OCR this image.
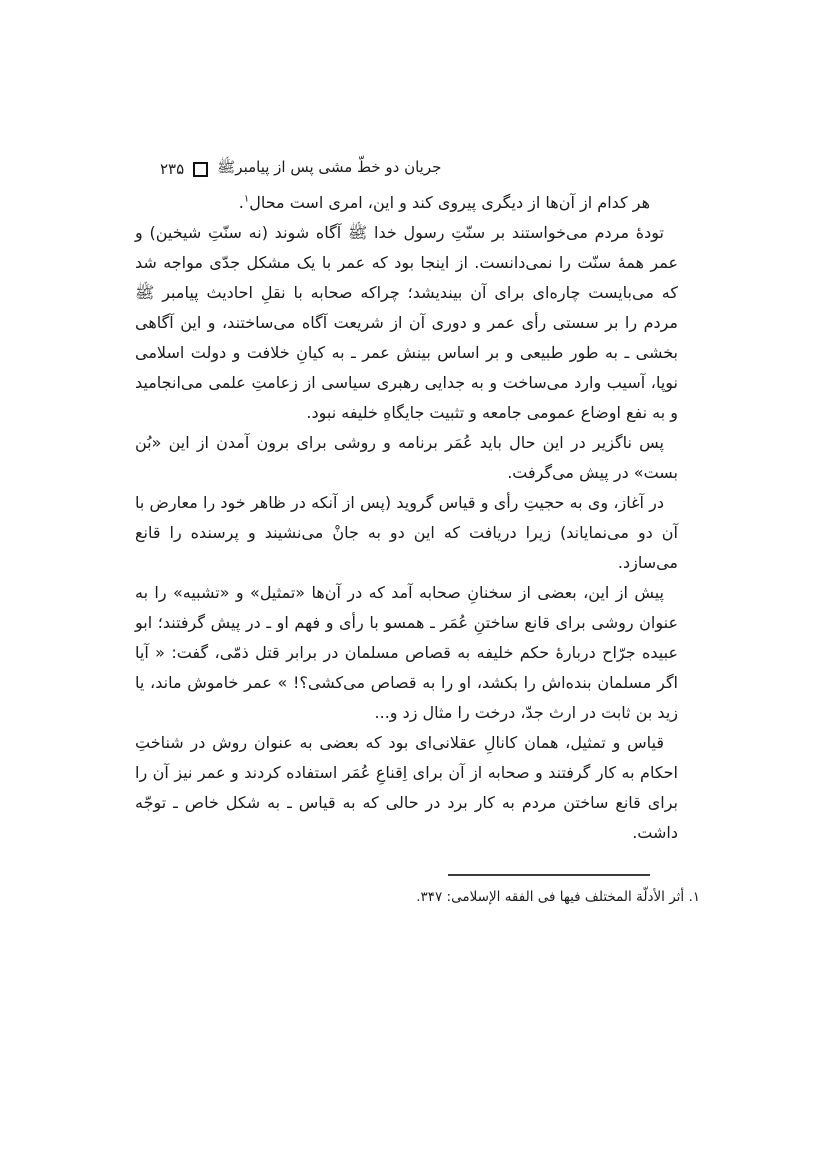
جریان دو خطّ مشی پس از پیامبرﷺ
۲۳۵

هر کدام از آن‌ها از دیگری پیروی کند و این، امری است محال$^۱$.

تودهٔ مردم می‌خواستند بر سنّتِ رسول خدا ﷺ آگاه شوند (نه سنّتِ شیخین) و عمر همهٔ سنّت را نمی‌دانست. از اینجا بود که عمر با یک مشکل جدّی مواجه شد که می‌بایست چاره‌ای برای آن بیندیشد؛ چراکه صحابه با نقلِ احادیث پیامبر ﷺ مردم را بر سستی رأی عمر و دوری آن از شریعت آگاه می‌ساختند، و این آگاهی بخشی ـ به طور طبیعی و بر اساس بینش عمر ـ به کیانِ خلافت و دولت اسلامی نوپا، آسیب وارد می‌ساخت و به جدایی رهبری سیاسی از زعامتِ علمی می‌انجامید و به نفع اوضاع عمومی جامعه و تثبیت جایگاهِ خلیفه نبود.

پس ناگزیر در این حال باید عُمَر برنامه و روشی برای برون آمدن از این «بُن بست» در پیش می‌گرفت.

در آغاز، وی به حجیتِ رأی و قیاس گروید (پس از آنکه در ظاهر خود را معارض با آن دو می‌نمایاند) زیرا دریافت که این دو به جانْ می‌نشیند و پرسنده را قانع می‌سازد.

پیش از این، بعضی از سخنانِ صحابه آمد که در آن‌ها «تمثیل» و «تشبیه» را به عنوان روشی برای قانع ساختنِ عُمَر ـ همسو با رأی و فهم او ـ در پیش گرفتند؛ ابو عبیده جرّاح دربارهٔ حکم خلیفه به قصاص مسلمان در برابر قتل ذمّی، گفت: « آیا اگر مسلمان بنده‌اش را بکشد، او را به قصاص می‌کشی؟! » عمر خاموش ماند، یا زید بن ثابت در ارث جدّ، درخت را مثال زد و...

قیاس و تمثیل، همان کانالِ عقلانی‌ای بود که بعضی به عنوان روش در شناختِ احکام به کار گرفتند و صحابه از آن برای اِقناعِ عُمَر استفاده کردند و عمر نیز آن را برای قانع ساختن مردم به کار برد در حالی که به قیاس ـ به شکل خاص ـ توجّه داشت.

۱. أثر الأدلّة المختلف فیها فی الفقه الإسلامی: ۳۴۷.
